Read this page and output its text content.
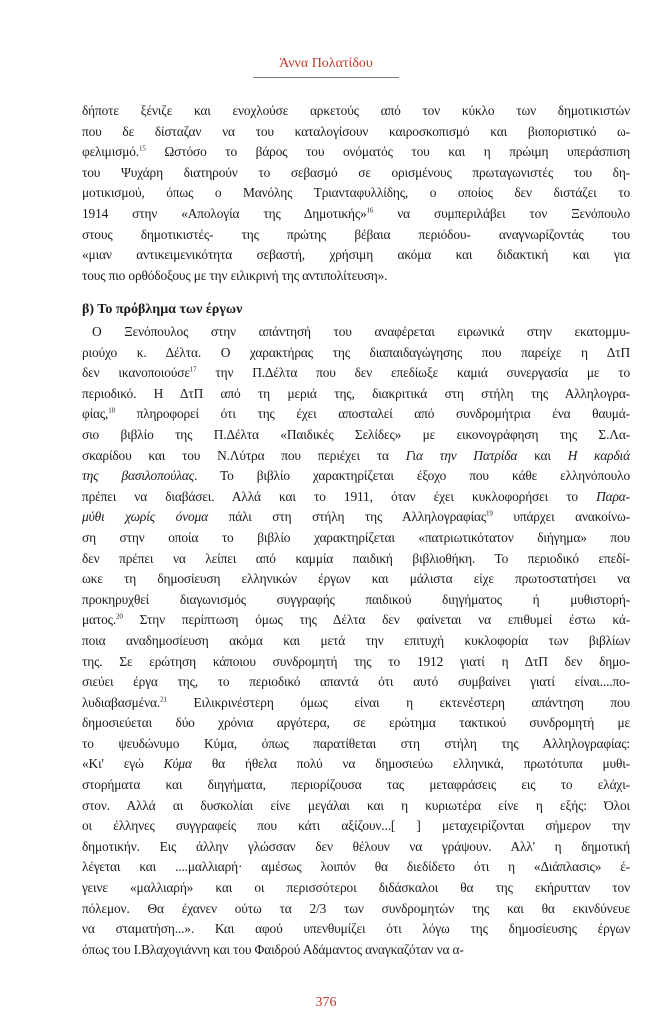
Άννα Πολατίδου
δήποτε ξένιζε και ενοχλούσε αρκετούς από τον κύκλο των δημοτικιστών
που δε δίσταζαν να του καταλογίσουν καιροσκοπισμό και βιοποριστικό ω-
φελιμισμό.$^{15}$ Ωστόσο το βάρος του ονόματός του και η πρώιμη υπεράσπιση
του Ψυχάρη διατηρούν το σεβασμό σε ορισμένους πρωταγωνιστές του δη-
μοτικισμού, όπως ο Μανόλης Τριανταφυλλίδης, ο οποίος δεν διστάζει το
1914 στην «Απολογία της Δημοτικής»$^{16}$ να συμπεριλάβει τον Ξενόπουλο
στους δημοτικιστές- της πρώτης βέβαια περιόδου- αναγνωρίζοντάς του
«μιαν αντικειμενικότητα σεβαστή, χρήσιμη ακόμα και διδακτική και για
τους πιο ορθόδοξους με την ειλικρινή της αντιπολίτευση».
β) Το πρόβλημα των έργων
Ο Ξενόπουλος στην απάντησή του αναφέρεται ειρωνικά στην εκατομμυ-
ριούχο κ. Δέλτα. Ο χαρακτήρας της διαπαιδαγώγησης που παρείχε η ΔτΠ
δεν ικανοποιούσε$^{17}$ την Π.Δέλτα που δεν επεδίωξε καμιά συνεργασία με το
περιοδικό. Η ΔτΠ από τη μεριά της, διακριτικά στη στήλη της Αλληλογρα-
φίας,$^{18}$ πληροφορεί ότι της έχει αποσταλεί από συνδρομήτρια ένα θαυμά-
σιο βιβλίο της Π.Δέλτα «Παιδικές Σελίδες» με εικονογράφηση της Σ.Λα-
σκαρίδου και του Ν.Λύτρα που περιέχει τα Για την Πατρίδα και Η καρδιά
της βασιλοπούλας. Το βιβλίο χαρακτηρίζεται έξοχο που κάθε ελληνόπουλο
πρέπει να διαβάσει. Αλλά και το 1911, όταν έχει κυκλοφορήσει το Παρα-
μύθι χωρίς όνομα πάλι στη στήλη της Αλληλογραφίας$^{19}$ υπάρχει ανακοίνω-
ση στην οποία το βιβλίο χαρακτηρίζεται «πατριωτικότατον διήγημα» που
δεν πρέπει να λείπει από καμμία παιδική βιβλιοθήκη. Το περιοδικό επεδί-
ωκε τη δημοσίευση ελληνικών έργων και μάλιστα είχε πρωτοστατήσει να
προκηρυχθεί διαγωνισμός συγγραφής παιδικού διηγήματος ή μυθιστορή-
ματος.$^{20}$ Στην περίπτωση όμως της Δέλτα δεν φαίνεται να επιθυμεί έστω κά-
ποια αναδημοσίευση ακόμα και μετά την επιτυχή κυκλοφορία των βιβλίων
της. Σε ερώτηση κάποιου συνδρομητή της το 1912 γιατί η ΔτΠ δεν δημο-
σιεύει έργα της, το περιοδικό απαντά ότι αυτό συμβαίνει γιατί είναι....πο-
λυδιαβασμένα.$^{21}$ Ειλικρινέστερη όμως είναι η εκτενέστερη απάντηση που
δημοσιεύεται δύο χρόνια αργότερα, σε ερώτημα τακτικού συνδρομητή με
το ψευδώνυμο Κύμα, όπως παρατίθεται στη στήλη της Αλληλογραφίας:
«Κι' εγώ Κύμα θα ήθελα πολύ να δημοσιεύω ελληνικά, πρωτότυπα μυθι-
στορήματα και διηγήματα, περιορίζουσα τας μεταφράσεις εις το ελάχι-
στον. Αλλά αι δυσκολίαι είνε μεγάλαι και η κυριωτέρα είνε η εξής: Όλοι
οι έλληνες συγγραφείς που κάτι αξίζουν...[ ] μεταχειρίζονται σήμερον την
δημοτικήν. Εις άλλην γλώσσαν δεν θέλουν να γράψουν. Αλλ' η δημοτική
λέγεται και ....μαλλιαρή· αμέσως λοιπόν θα διεδίδετο ότι η «Διάπλασις» έ-
γεινε «μαλλιαρή» και οι περισσότεροι διδάσκαλοι θα της εκήρυτταν τον
πόλεμον. Θα έχανεν ούτω τα 2/3 των συνδρομητών της και θα εκινδύνευε
να σταματήση...». Και αφού υπενθυμίζει ότι λόγω της δημοσίευσης έργων
όπως του Ι.Βλαχογιάννη και του Φαιδρού Αδάμαντος αναγκαζόταν να α-
376
